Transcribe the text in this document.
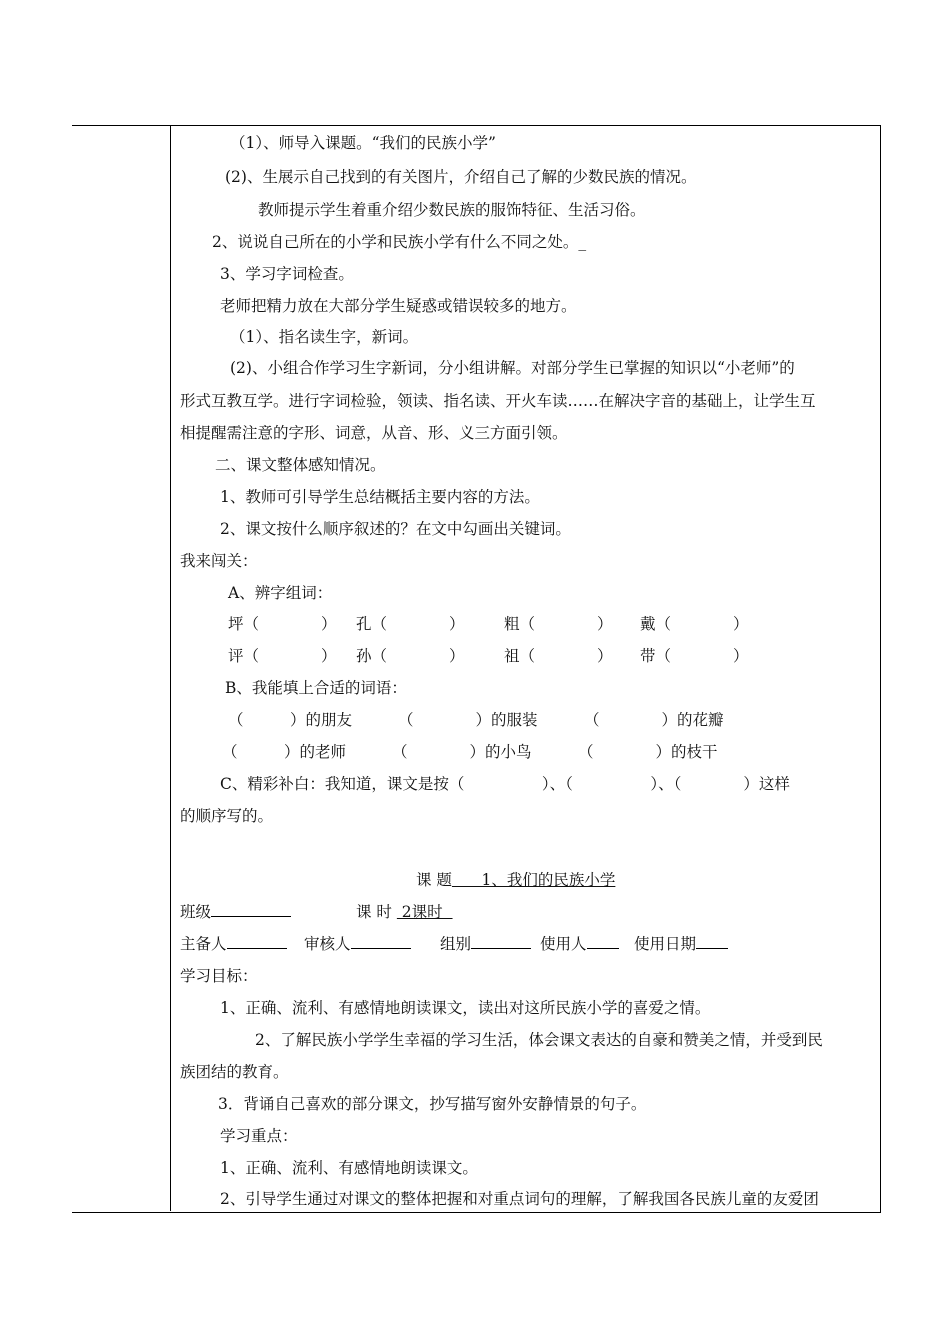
（1）、师导入课题。“我们的民族小学”
(2)、生展示自己找到的有关图片，介绍自己了解的少数民族的情况。
教师提示学生着重介绍少数民族的服饰特征、生活习俗。
2、说说自己所在的小学和民族小学有什么不同之处。_
3、学习字词检查。
老师把精力放在大部分学生疑惑或错误较多的地方。
（1）、指名读生字，新词。
(2)、小组合作学习生字新词，分小组讲解。对部分学生已掌握的知识以“小老师”的
形式互教互学。进行字词检验，领读、指名读、开火车读……在解决字音的基础上，让学生互
相提醒需注意的字形、词意，从音、形、义三方面引领。
二、课文整体感知情况。
1、教师可引导学生总结概括主要内容的方法。
2、课文按什么顺序叙述的？在文中勾画出关键词。
我来闯关：
A、辨字组词：
坪（　　　　） 孔（　　　　）	粗（　　　　） 戴（　　　　）
评（　　　　） 孙（　　　　）	祖（　　　　） 带（　　　　）
B、我能填上合适的词语：
（　　　）的朋友	（　　　　）的服装	（　　　　）的花瓣
（　　　）的老师	（　　　　）的小鸟	（　　　　）的枝干
C、精彩补白：我知道，课文是按（　　　　　）、（　　　　　）、（　　　　）这样
的顺序写的。
课 题      1、我们的民族小学
班级	课 时  2课时
主备人	审核人	组别	使用人	使用日期
学习目标：
1、正确、流利、有感情地朗读课文，读出对这所民族小学的喜爱之情。
2、了解民族小学学生幸福的学习生活，体会课文表达的自豪和赞美之情，并受到民
族团结的教育。
3．背诵自己喜欢的部分课文，抄写描写窗外安静情景的句子。
学习重点：
1、正确、流利、有感情地朗读课文。
2、引导学生通过对课文的整体把握和对重点词句的理解，了解我国各民族儿童的友爱团
